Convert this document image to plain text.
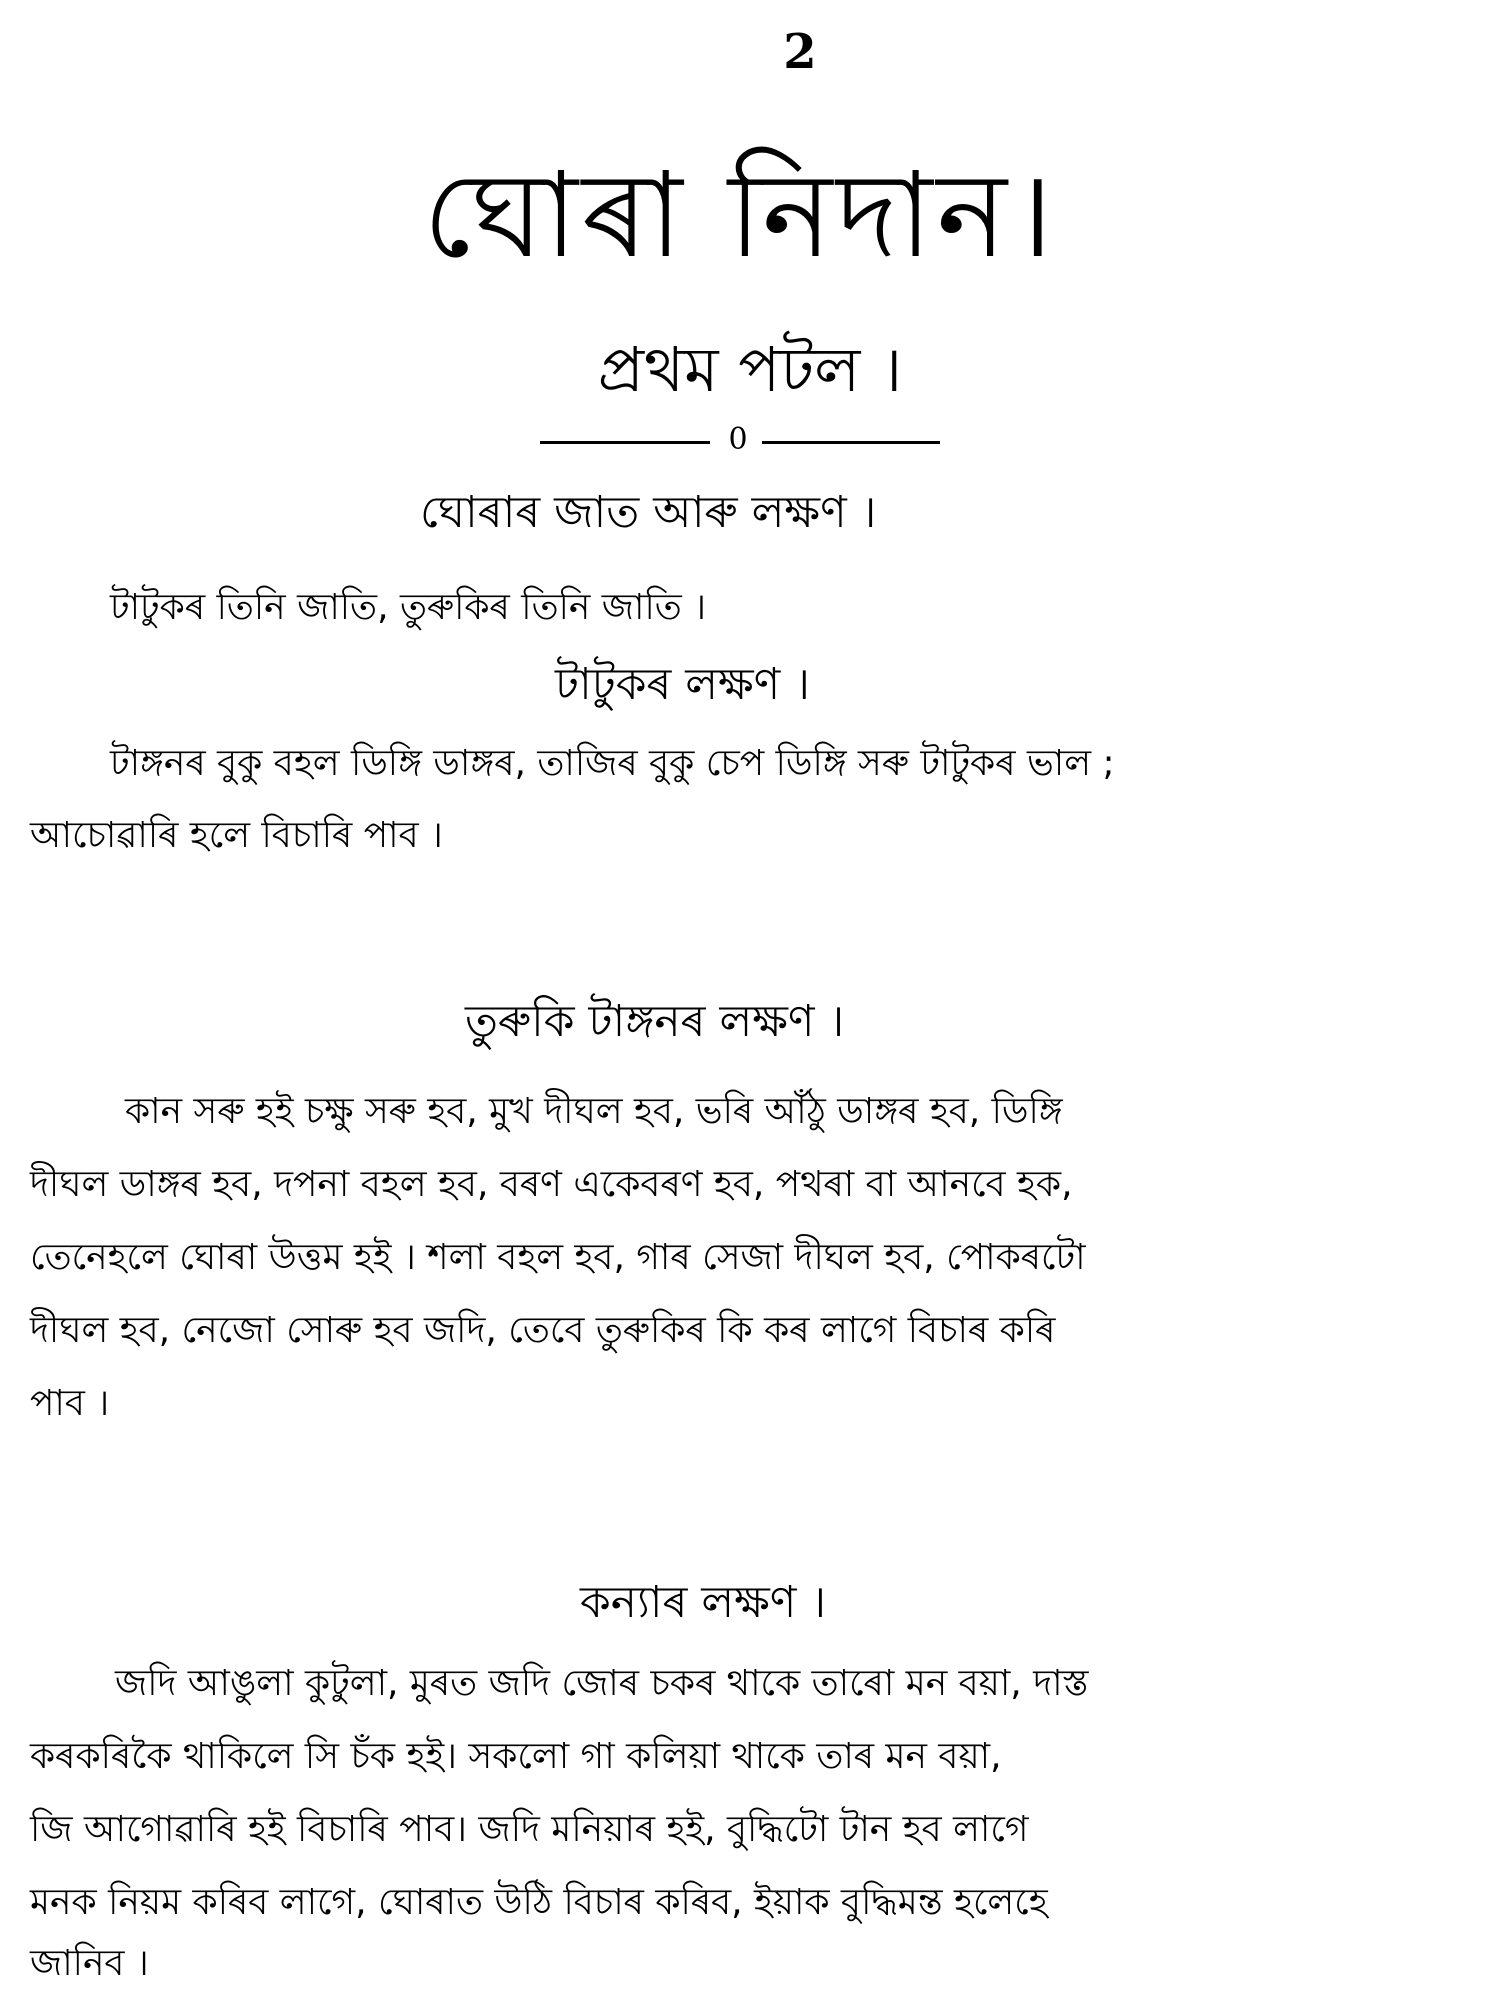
2
ঘোৰা নিদান।
প্ৰথম পটল ।
0
ঘোৰাৰ জাত আৰু লক্ষণ ।
টাটুকৰ তিনি জাতি, তুৰুকিৰ তিনি জাতি ।
টাটুকৰ লক্ষণ ।
টাঙ্গনৰ বুকু বহল ডিঙ্গি ডাঙ্গৰ, তাজিৰ বুকু চেপ ডিঙ্গি সৰু টাটুকৰ ভাল ;
আচোৱাৰি হলে বিচাৰি পাব ।
তুৰুকি টাঙ্গনৰ লক্ষণ ।
কান সৰু হই চক্ষু সৰু হব, মুখ দীঘল হব, ভৰি আঁঠু ডাঙ্গৰ হব, ডিঙ্গি
দীঘল ডাঙ্গৰ হব, দপনা বহল হব, বৰণ একেবৰণ হব, পথৰা বা আনবে হক,
তেনেহলে ঘোৰা উত্তম হই । শলা বহল হব, গাৰ সেজা দীঘল হব, পোকৰটো
দীঘল হব, নেজো সোৰু হব জদি, তেবে তুৰুকিৰ কি কৰ লাগে বিচাৰ কৰি
পাব ।
কন্যাৰ লক্ষণ ।
জদি আঙুলা কুটুলা, মুৰত জদি জোৰ চকৰ থাকে তাৰো মন বয়া, দাস্ত
কৰকৰিকৈ থাকিলে সি চঁক হই। সকলো গা কলিয়া থাকে তাৰ মন বয়া,
জি আগোৱাৰি হই বিচাৰি পাব। জদি মনিয়াৰ হই, বুদ্ধিটো টান হব লাগে
মনক নিয়ম কৰিব লাগে, ঘোৰাত উঠি বিচাৰ কৰিব, ইয়াক বুদ্ধিমন্ত হলেহে
জানিব ।
